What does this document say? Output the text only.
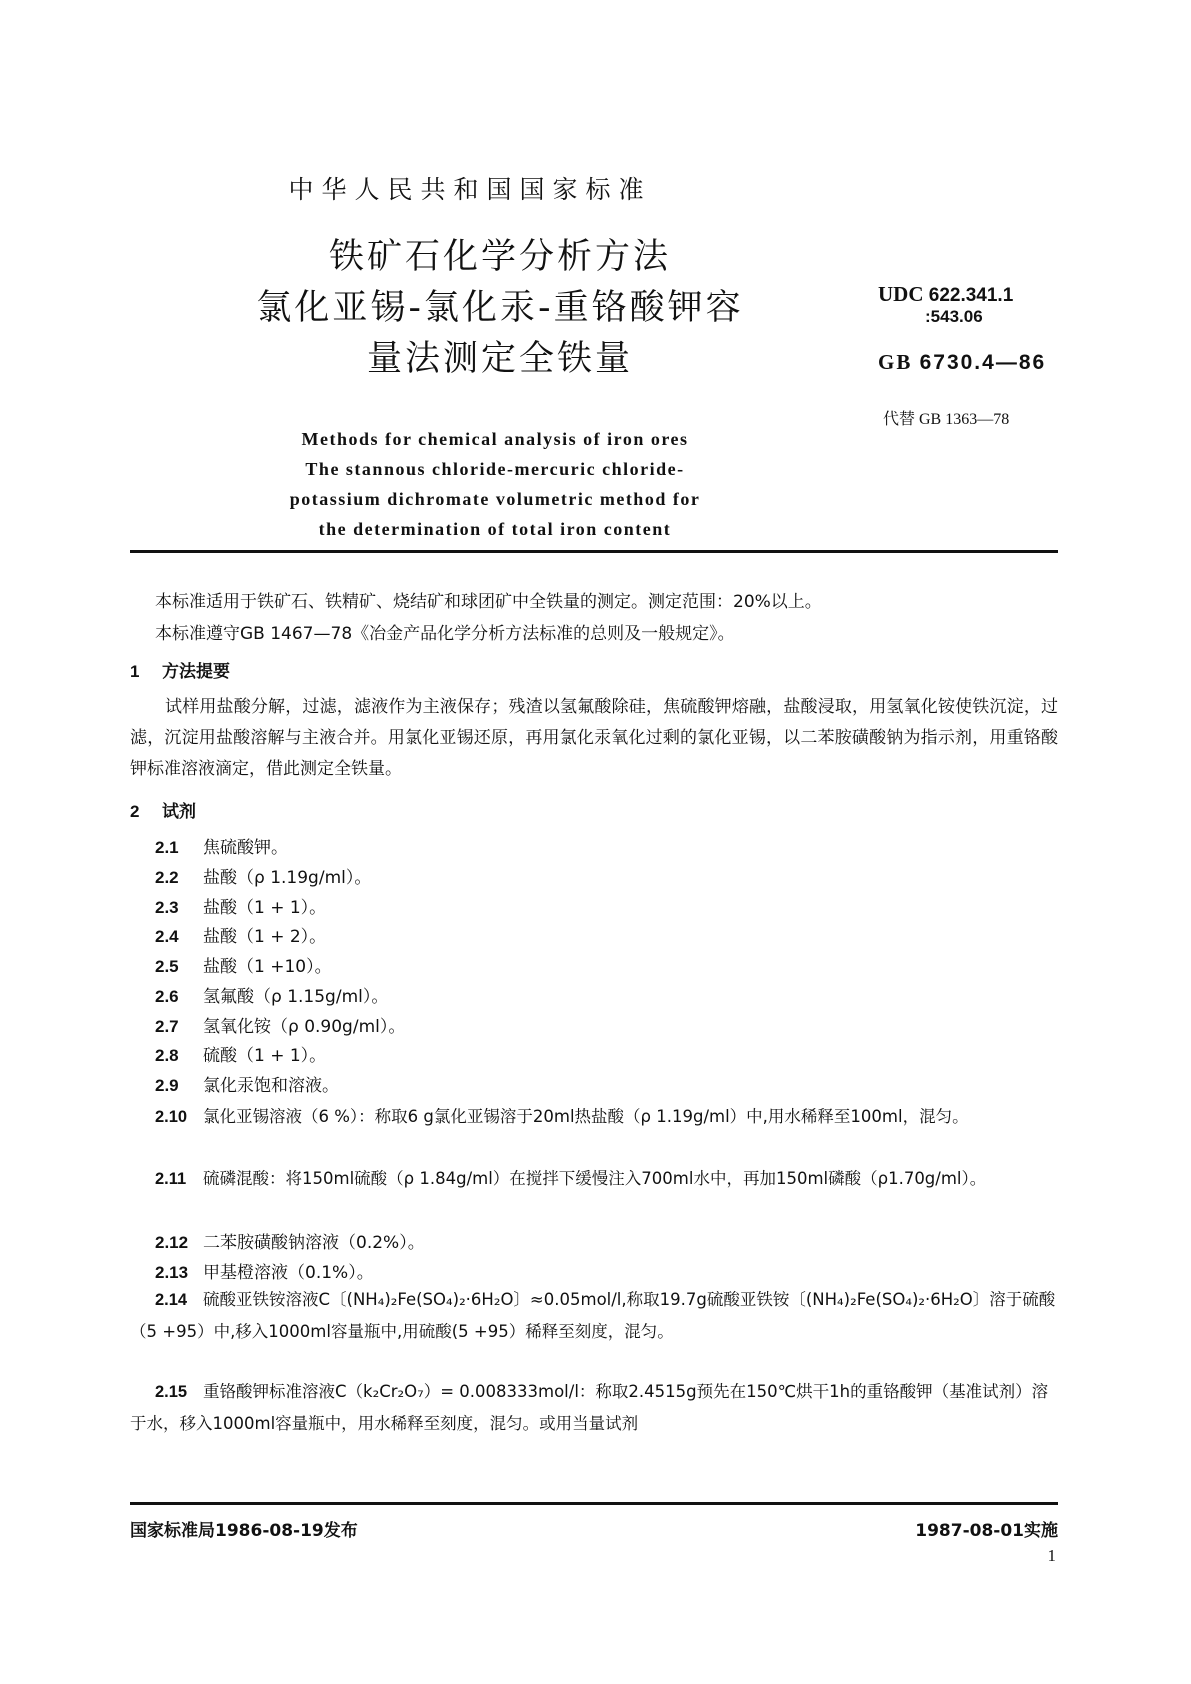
中华人民共和国国家标准
铁矿石化学分析方法
氯化亚锡-氯化汞-重铬酸钾容
量法测定全铁量
UDC 622.341.1
:543.06
GB 6730.4—86
代替 GB 1363—78
Methods for chemical analysis of iron ores
The stannous chloride-mercuric chloride-
potassium dichromate volumetric method for
the determination of total iron content
本标准适用于铁矿石、铁精矿、烧结矿和球团矿中全铁量的测定。测定范围：20%以上。
本标准遵守GB 1467—78《冶金产品化学分析方法标准的总则及一般规定》。
1 方法提要
试样用盐酸分解，过滤，滤液作为主液保存；残渣以氢氟酸除硅，焦硫酸钾熔融，盐酸浸取，用氢氧化铵使铁沉淀，过滤，沉淀用盐酸溶解与主液合并。用氯化亚锡还原，再用氯化汞氧化过剩的氯化亚锡，以二苯胺磺酸钠为指示剂，用重铬酸钾标准溶液滴定，借此测定全铁量。
2 试剂
2.1 焦硫酸钾。
2.2 盐酸（ρ 1.19g/ml）。
2.3 盐酸（1 + 1）。
2.4 盐酸（1 + 2）。
2.5 盐酸（1 +10）。
2.6 氢氟酸（ρ 1.15g/ml）。
2.7 氢氧化铵（ρ 0.90g/ml）。
2.8 硫酸（1 + 1）。
2.9 氯化汞饱和溶液。
2.10 氯化亚锡溶液（6 %）：称取6 g氯化亚锡溶于20ml热盐酸（ρ 1.19g/ml）中,用水稀释至100ml，混匀。
2.11 硫磷混酸：将150ml硫酸（ρ 1.84g/ml）在搅拌下缓慢注入700ml水中，再加150ml磷酸（ρ1.70g/ml）。
2.12 二苯胺磺酸钠溶液（0.2%）。
2.13 甲基橙溶液（0.1%）。
2.14 硫酸亚铁铵溶液C〔(NH₄)₂Fe(SO₄)₂·6H₂O〕≈0.05mol/l,称取19.7g硫酸亚铁铵〔(NH₄)₂Fe(SO₄)₂·6H₂O〕溶于硫酸（5 +95）中,移入1000ml容量瓶中,用硫酸(5 +95）稀释至刻度，混匀。
2.15 重铬酸钾标准溶液C（k₂Cr₂O₇）= 0.008333mol/l：称取2.4515g预先在150℃烘干1h的重铬酸钾（基准试剂）溶于水，移入1000ml容量瓶中，用水稀释至刻度，混匀。或用当量试剂
国家标准局1986-08-19发布	1987-08-01实施
1
